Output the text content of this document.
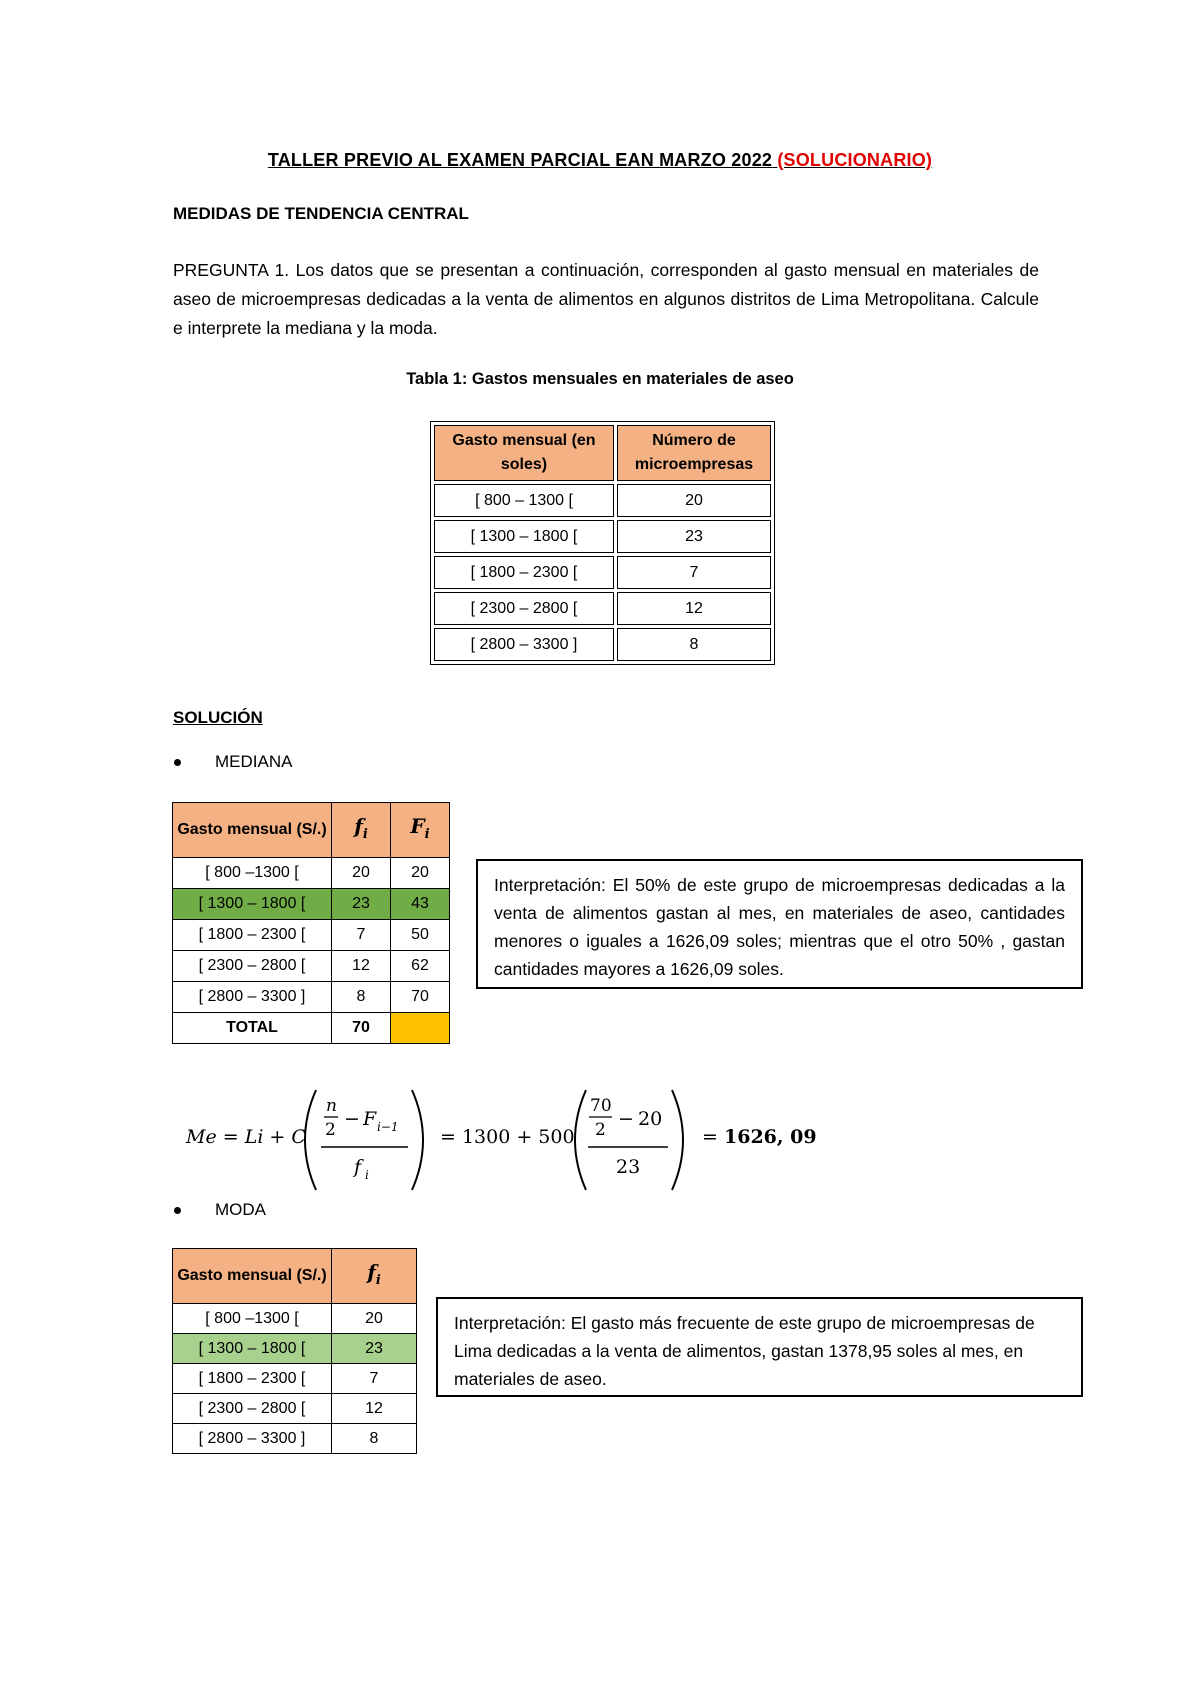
TALLER PREVIO AL EXAMEN PARCIAL EAN MARZO 2022 (SOLUCIONARIO)
MEDIDAS DE TENDENCIA CENTRAL
PREGUNTA 1. Los datos que se presentan a continuación, corresponden al gasto mensual en materiales de aseo de microempresas dedicadas a la venta de alimentos en algunos distritos de Lima Metropolitana. Calcule e interprete la mediana y la moda.
Tabla 1: Gastos mensuales en materiales de aseo
Gasto mensual (en soles)	Número de microempresas
[ 800 – 1300 [	20
[ 1300 – 1800 [	23
[ 1800 – 2300 [	7
[ 2300 – 2800 [	12
[ 2800 – 3300 ]	8
SOLUCIÓN
MEDIANA
Gasto mensual (S/.)	$f_i$	$F_i$
[ 800 –1300 [	20	20
[ 1300 – 1800 [	23	43
[ 1800 – 2300 [	7	50
[ 2300 – 2800 [	12	62
[ 2800 – 3300 ]	8	70
TOTAL	70	
Interpretación: El 50% de este grupo de microempresas dedicadas a la venta de alimentos gastan al mes, en materiales de aseo, cantidades menores o iguales a 1626,09 soles; mientras que el otro 50% , gastan cantidades mayores a 1626,09 soles.
Me = Li + C
n
2 − F i−1
f i
= 1300 + 500
70
2 − 20
23
= 1626, 09
MODA
Gasto mensual (S/.)	$f_i$
[ 800 –1300 [	20
[ 1300 – 1800 [	23
[ 1800 – 2300 [	7
[ 2300 – 2800 [	12
[ 2800 – 3300 ]	8
Interpretación: El gasto más frecuente de este grupo de microempresas de Lima dedicadas a la venta de alimentos, gastan 1378,95 soles al mes, en materiales de aseo.
